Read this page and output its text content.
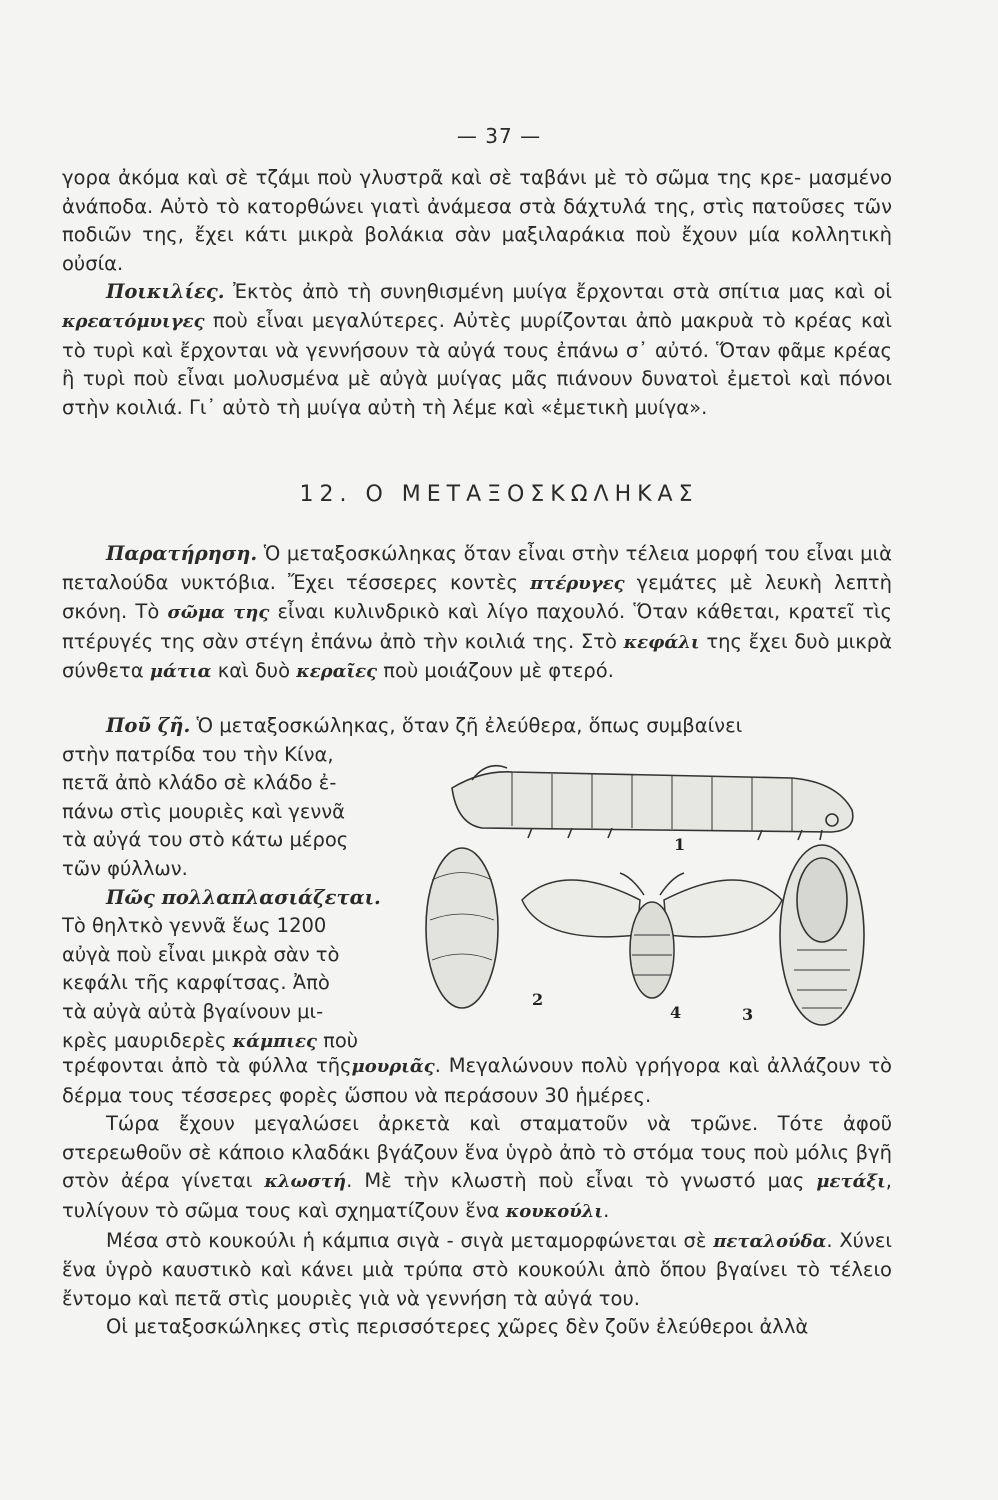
— 37 —

γορα ἀκόμα καὶ σὲ τζάμι ποὺ γλυστρᾶ καὶ σὲ ταβάνι μὲ τὸ σῶμα της κρε- μασμένο ἀνάποδα. Αὐτὸ τὸ κατορθώνει γιατὶ ἀνάμεσα στὰ δάχτυλά της, στὶς πατοῦσες τῶν ποδιῶν της, ἔχει κάτι μικρὰ βολάκια σὰν μαξιλαράκια ποὺ ἔχουν μία κολλητικὴ οὐσία.

Ποικιλίες. Ἐκτὸς ἀπὸ τὴ συνηθισμένη μυίγα ἔρχονται στὰ σπίτια μας καὶ οἱ κρεατόμυιγες ποὺ εἶναι μεγαλύτερες. Αὐτὲς μυρίζονται ἀπὸ μακρυὰ τὸ κρέας καὶ τὸ τυρὶ καὶ ἔρχονται νὰ γεννήσουν τὰ αὐγά τους ἐπάνω σ᾽ αὐτό. Ὅταν φᾶμε κρέας ἢ τυρὶ ποὺ εἶναι μολυσμένα μὲ αὐγὰ μυίγας μᾶς πιάνουν δυνατοὶ ἐμετοὶ καὶ πόνοι στὴν κοιλιά. Γι᾽ αὐτὸ τὴ μυίγα αὐτὴ τὴ λέμε καὶ «ἐμετικὴ μυίγα».

12. Ο ΜΕΤΑΞΟΣΚΩΛΗΚΑΣ

Παρατήρηση. Ὁ μεταξοσκώληκας ὅταν εἶναι στὴν τέλεια μορφή του εἶναι μιὰ πεταλούδα νυκτόβια. Ἔχει τέσσερες κοντὲς πτέρυγες γεμάτες μὲ λευκὴ λεπτὴ σκόνη. Τὸ σῶμα της εἶναι κυλινδρικὸ καὶ λίγο παχουλό. Ὅταν κάθεται, κρατεῖ τὶς πτέρυγές της σὰν στέγη ἐπάνω ἀπὸ τὴν κοιλιά της. Στὸ κεφάλι της ἔχει δυὸ μικρὰ σύνθετα μάτια καὶ δυὸ κεραῖες ποὺ μοιάζουν μὲ φτερό.

Ποῦ ζῆ. Ὁ μεταξοσκώληκας, ὅταν ζῆ ἐλεύθερα, ὅπως συμβαίνει

στὴν πατρίδα του τὴν Κίνα,
πετᾶ ἀπὸ κλάδο σὲ κλάδο ἐ-
πάνω στὶς μουριὲς καὶ γεννᾶ
τὰ αὐγά του στὸ κάτω μέρος
τῶν φύλλων.

Πῶς πολλαπλασιάζεται.

Τὸ θηλτκὸ γεννᾶ ἕως 1200
αὐγὰ ποὺ εἶναι μικρὰ σὰν τὸ
κεφάλι τῆς καρφίτσας. Ἀπὸ
τὰ αὐγὰ αὐτὰ βγαίνουν μι-
κρὲς μαυριδερὲς κάμπιες ποὺ

1
2
3
4

τρέφονται ἀπὸ τὰ φύλλα τῆςμουριᾶς. Μεγαλώνουν πολὺ γρήγορα καὶ ἀλλάζουν τὸ δέρμα τους τέσσερες φορὲς ὥσπου νὰ περάσουν 30 ἡμέρες.

Τώρα ἔχουν μεγαλώσει ἀρκετὰ καὶ σταματοῦν νὰ τρῶνε. Τότε ἀφοῦ στερεωθοῦν σὲ κάποιο κλαδάκι βγάζουν ἕνα ὑγρὸ ἀπὸ τὸ στόμα τους ποὺ μόλις βγῆ στὸν ἀέρα γίνεται κλωστή. Μὲ τὴν κλωστὴ ποὺ εἶναι τὸ γνωστό μας μετάξι, τυλίγουν τὸ σῶμα τους καὶ σχηματίζουν ἕνα κουκούλι.

Μέσα στὸ κουκούλι ἡ κάμπια σιγὰ - σιγὰ μεταμορφώνεται σὲ πεταλούδα. Χύνει ἕνα ὑγρὸ καυστικὸ καὶ κάνει μιὰ τρύπα στὸ κουκούλι ἀπὸ ὅπου βγαίνει τὸ τέλειο ἔντομο καὶ πετᾶ στὶς μουριὲς γιὰ νὰ γεννήση τὰ αὐγά του.

Οἱ μεταξοσκώληκες στὶς περισσότερες χῶρες δὲν ζοῦν ἐλεύθεροι ἀλλὰ
